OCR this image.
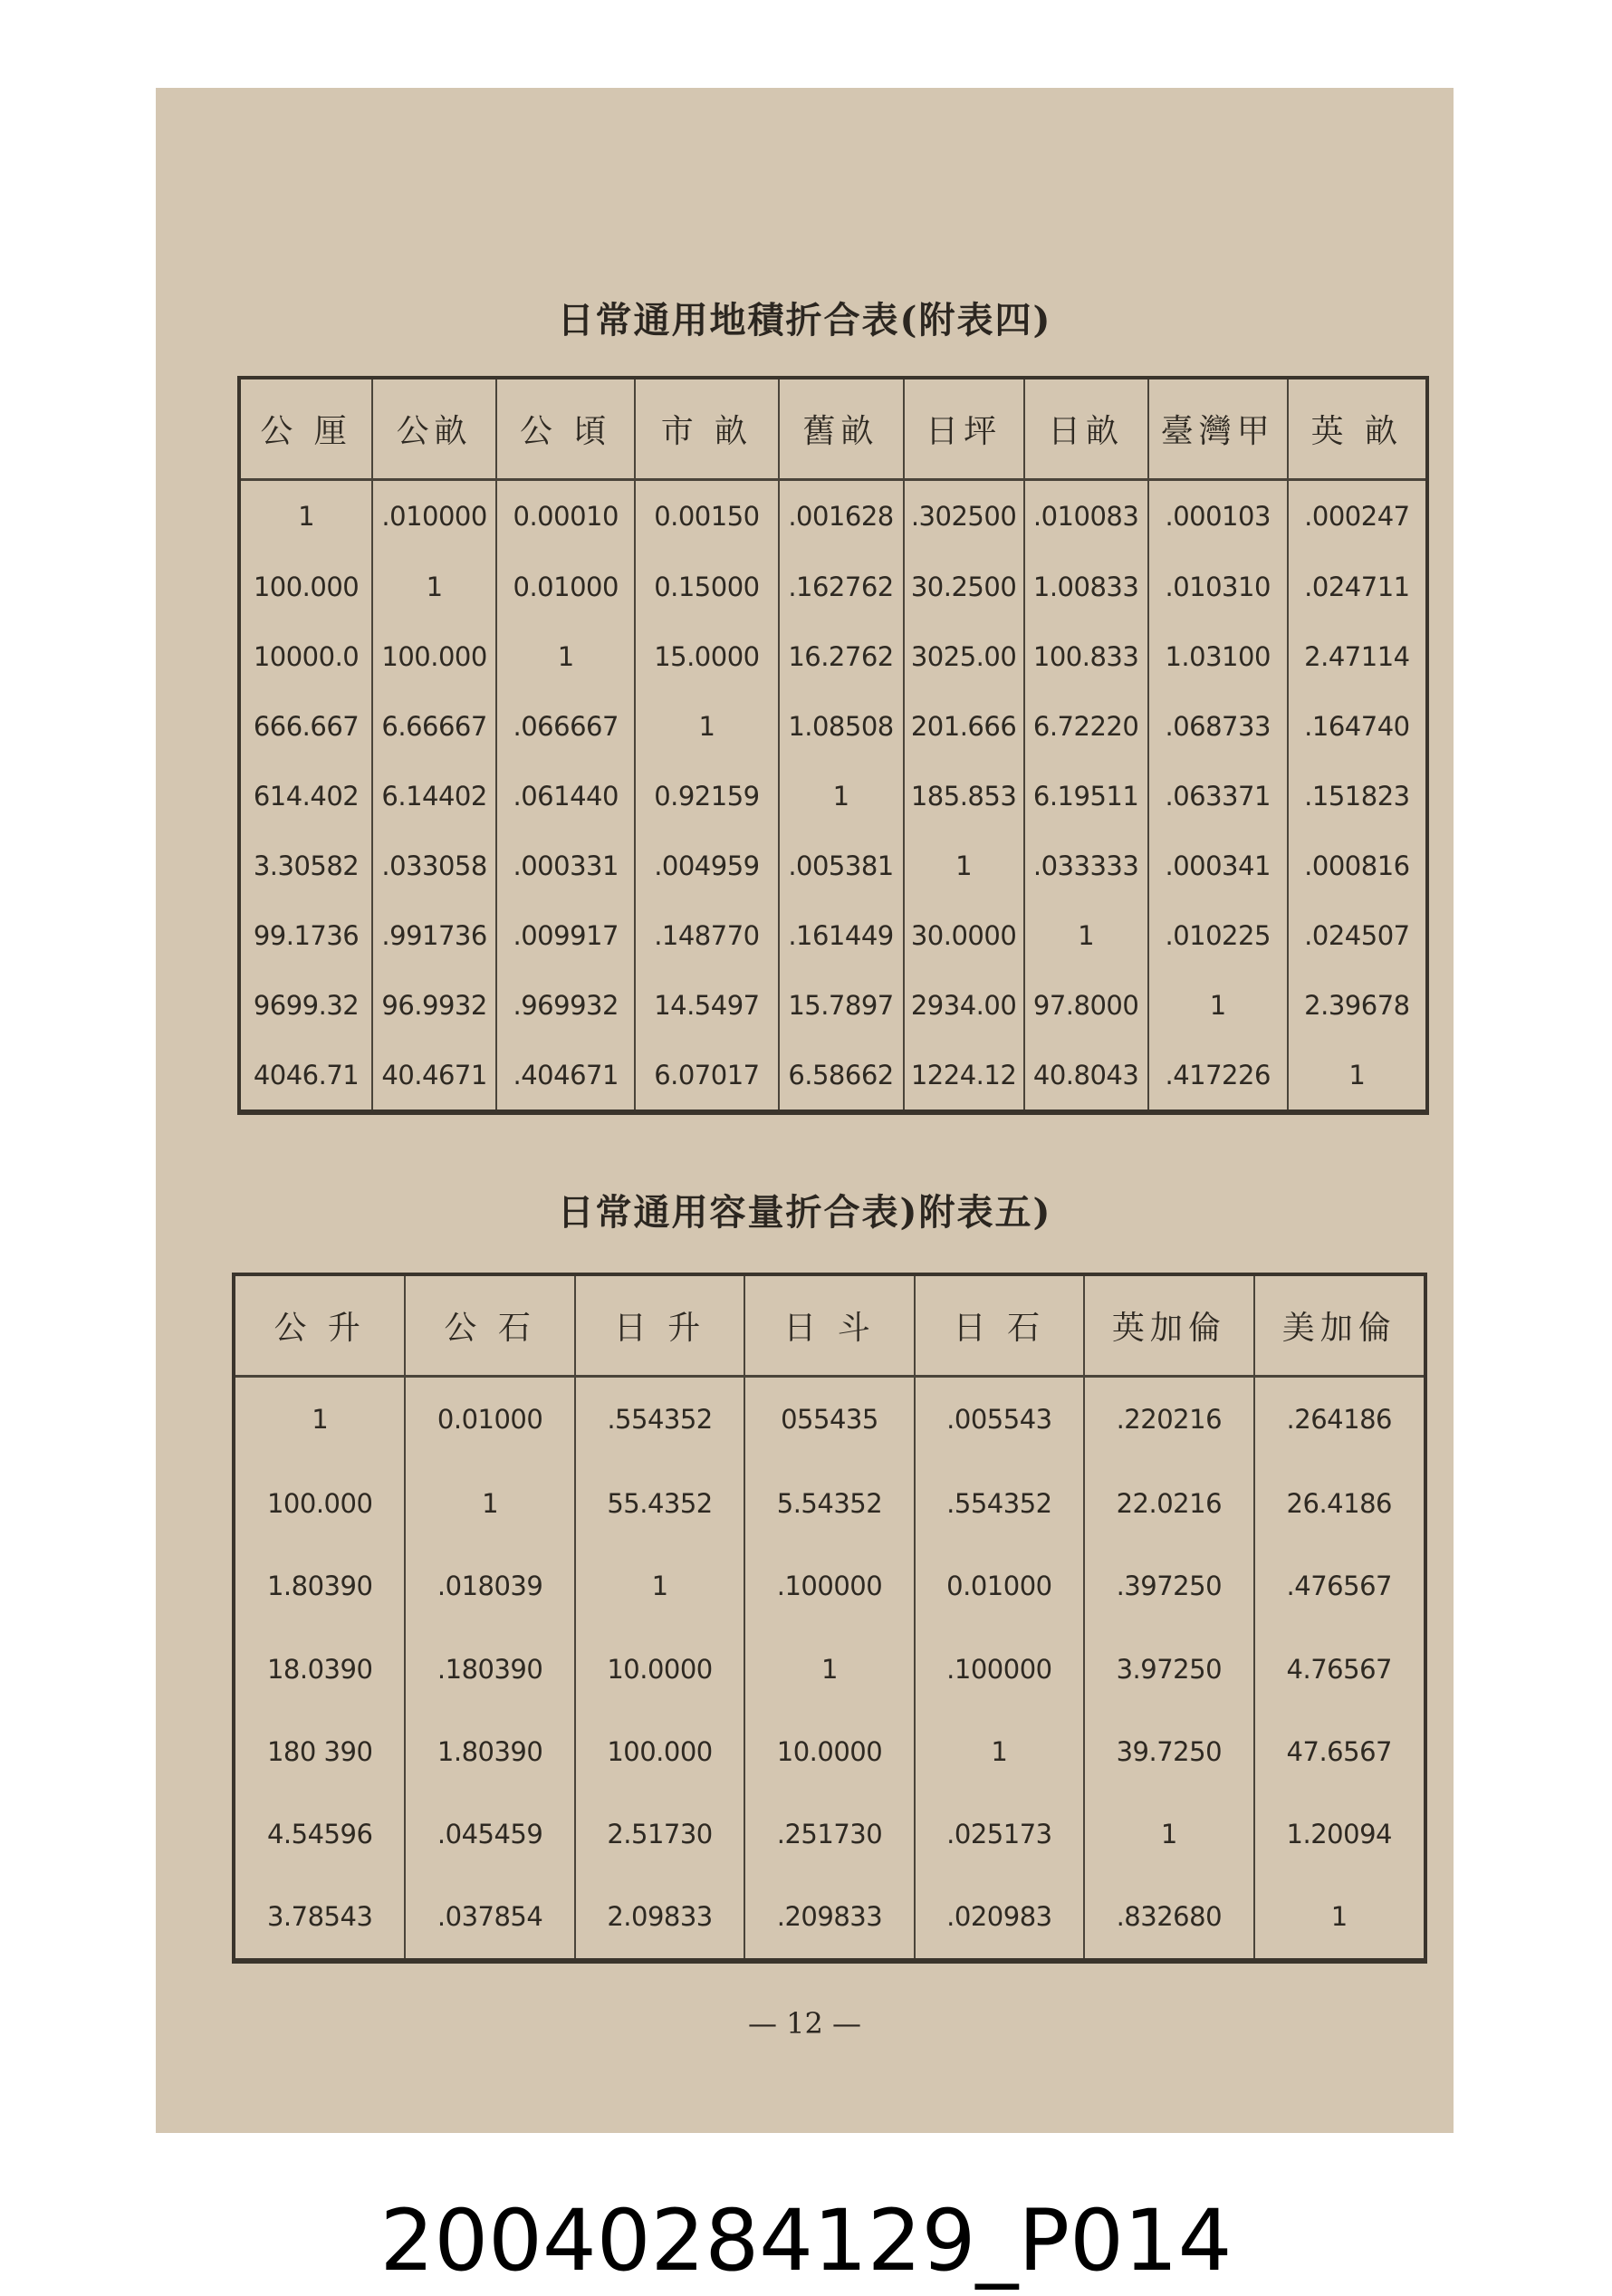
日常通用地積折合表(附表四)
公 厘	公畝	公 頃	市 畝	舊畝	日坪	日畝	臺灣甲	英 畝
1	.010000	0.00010	0.00150	.001628	.302500	.010083	.000103	.000247
100.000	1	0.01000	0.15000	.162762	30.2500	1.00833	.010310	.024711
10000.0	100.000	1	15.0000	16.2762	3025.00	100.833	1.03100	2.47114
666.667	6.66667	.066667	1	1.08508	201.666	6.72220	.068733	.164740
614.402	6.14402	.061440	0.92159	1	185.853	6.19511	.063371	.151823
3.30582	.033058	.000331	.004959	.005381	1	.033333	.000341	.000816
99.1736	.991736	.009917	.148770	.161449	30.0000	1	.010225	.024507
9699.32	96.9932	.969932	14.5497	15.7897	2934.00	97.8000	1	2.39678
4046.71	40.4671	.404671	6.07017	6.58662	1224.12	40.8043	.417226	1
日常通用容量折合表)附表五)
公 升	公 石	日 升	日 斗	日 石	英加倫	美加倫
1	0.01000	.554352	055435	.005543	.220216	.264186
100.000	1	55.4352	5.54352	.554352	22.0216	26.4186
1.80390	.018039	1	.100000	0.01000	.397250	.476567
18.0390	.180390	10.0000	1	.100000	3.97250	4.76567
180 390	1.80390	100.000	10.0000	1	39.7250	47.6567
4.54596	.045459	2.51730	.251730	.025173	1	1.20094
3.78543	.037854	2.09833	.209833	.020983	.832680	1
— 12 —
20040284129_P014
